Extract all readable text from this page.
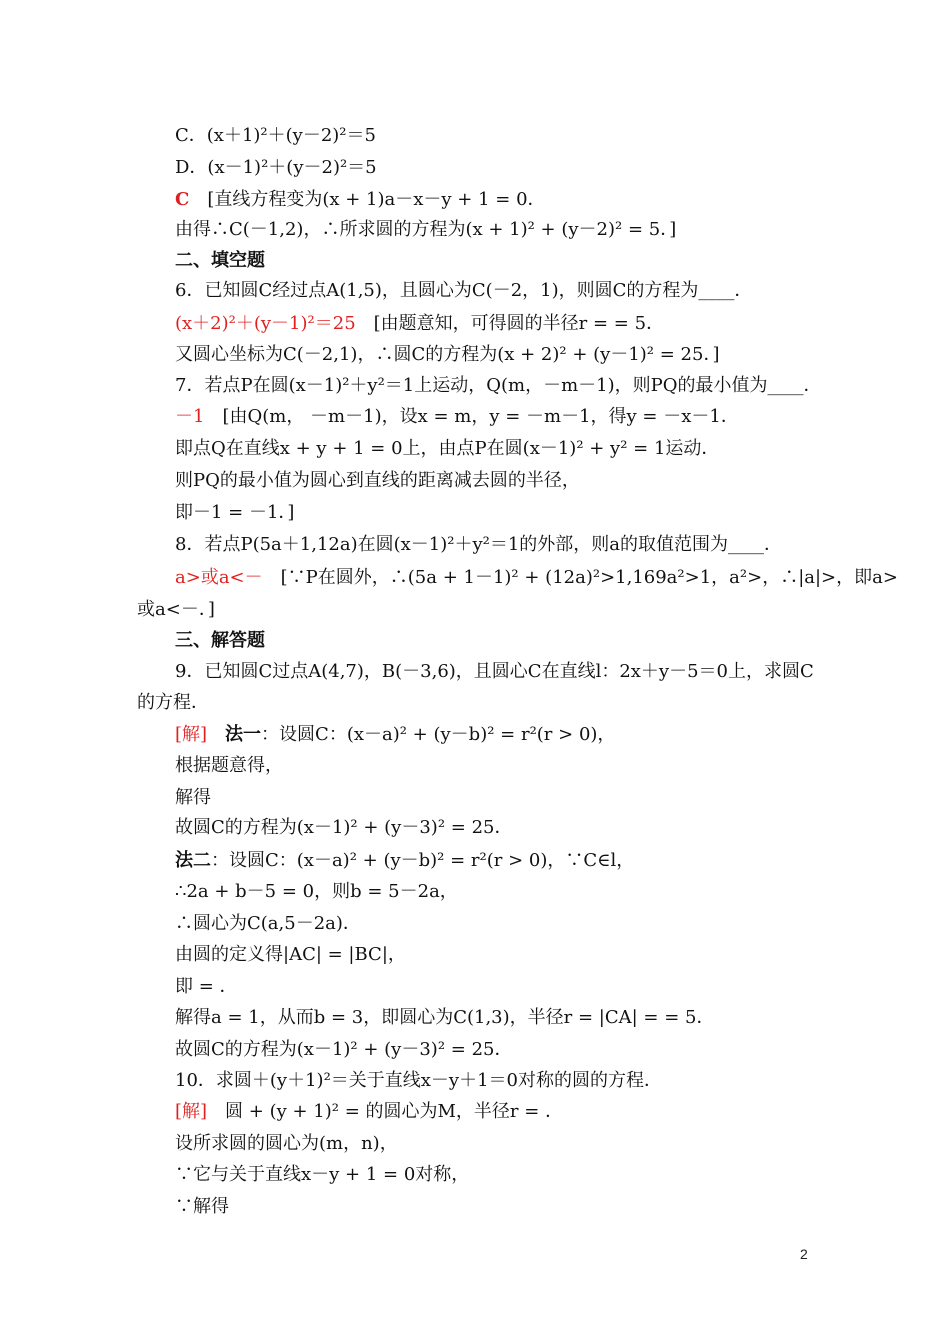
C．(x＋1)²＋(y－2)²＝5
D．(x－1)²＋(y－2)²＝5
C　[直线方程变为(x + 1)a－x－y + 1 = 0．
由得∴C(－1,2)，∴所求圆的方程为(x + 1)² + (y－2)² = 5．]
二、填空题
6．已知圆C经过点A(1,5)，且圆心为C(－2，1)，则圆C的方程为____．
(x＋2)²＋(y－1)²＝25　[由题意知，可得圆的半径r = = 5．
又圆心坐标为C(－2,1)，∴圆C的方程为(x + 2)² + (y－1)² = 25．]
7．若点P在圆(x－1)²＋y²＝1上运动，Q(m，－m－1)，则PQ的最小值为____．
－1　[由Q(m， －m－1)，设x = m，y = －m－1，得y = －x－1．
即点Q在直线x + y + 1 = 0上，由点P在圆(x－1)² + y² = 1运动．
则PQ的最小值为圆心到直线的距离减去圆的半径，
即－1 = －1．]
8．若点P(5a＋1,12a)在圆(x－1)²＋y²＝1的外部，则a的取值范围为____．
a>或a<－　[∵P在圆外，∴(5a + 1－1)² + (12a)²>1,169a²>1，a²>，∴|a|>，即a>
或a<－．]
三、解答题
9．已知圆C过点A(4,7)，B(－3,6)，且圆心C在直线l：2x＋y－5＝0上，求圆C
的方程．
[解]　 法一：设圆C：(x－a)² + (y－b)² = r²(r > 0)，
根据题意得，
解得
故圆C的方程为(x－1)² + (y－3)² = 25．
法二：设圆C：(x－a)² + (y－b)² = r²(r > 0)，∵C∈l，
∴2a + b－5 = 0，则b = 5－2a，
∴圆心为C(a,5－2a)．
由圆的定义得|AC| = |BC|，
即 = ．
解得a = 1，从而b = 3，即圆心为C(1,3)，半径r = |CA| = = 5．
故圆C的方程为(x－1)² + (y－3)² = 25．
10．求圆＋(y＋1)²＝关于直线x－y＋1＝0对称的圆的方程．
[解]　圆 + (y + 1)² = 的圆心为M，半径r = ．
设所求圆的圆心为(m，n)，
∵它与关于直线x－y + 1 = 0对称，
∵解得
2
